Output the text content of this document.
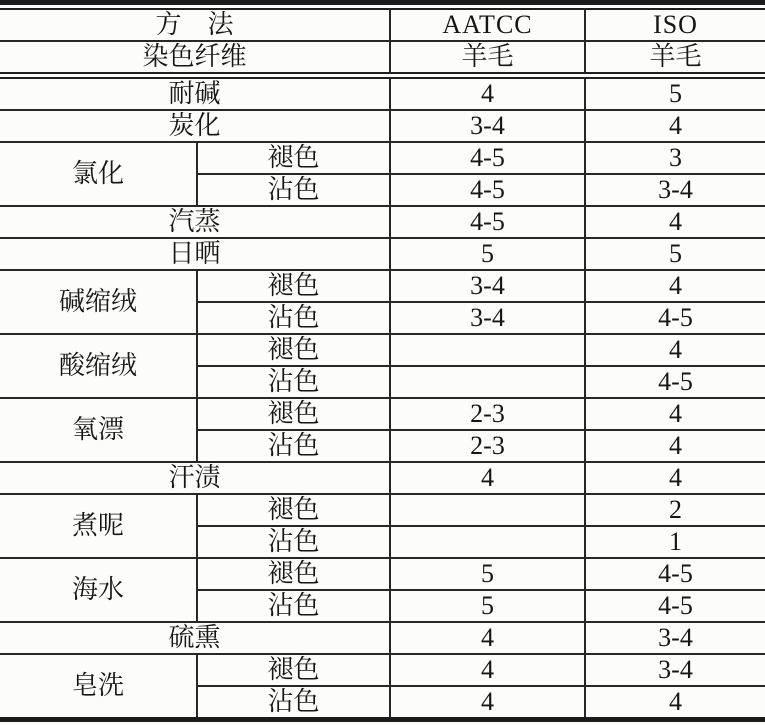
方　法		AATCC	ISO
染色纤维		羊毛	羊毛
耐碱		4	5
炭化		3-4	4
氯化	褪色	4-5	3
	沾色	4-5	3-4
汽蒸		4-5	4
日晒		5	5
碱缩绒	褪色	3-4	4
	沾色	3-4	4-5
酸缩绒	褪色		4
	沾色		4-5
氧漂	褪色	2-3	4
	沾色	2-3	4
汗渍		4	4
煮呢	褪色		2
	沾色		1
海水	褪色	5	4-5
	沾色	5	4-5
硫熏		4	3-4
皂洗	褪色	4	3-4
	沾色	4	4
